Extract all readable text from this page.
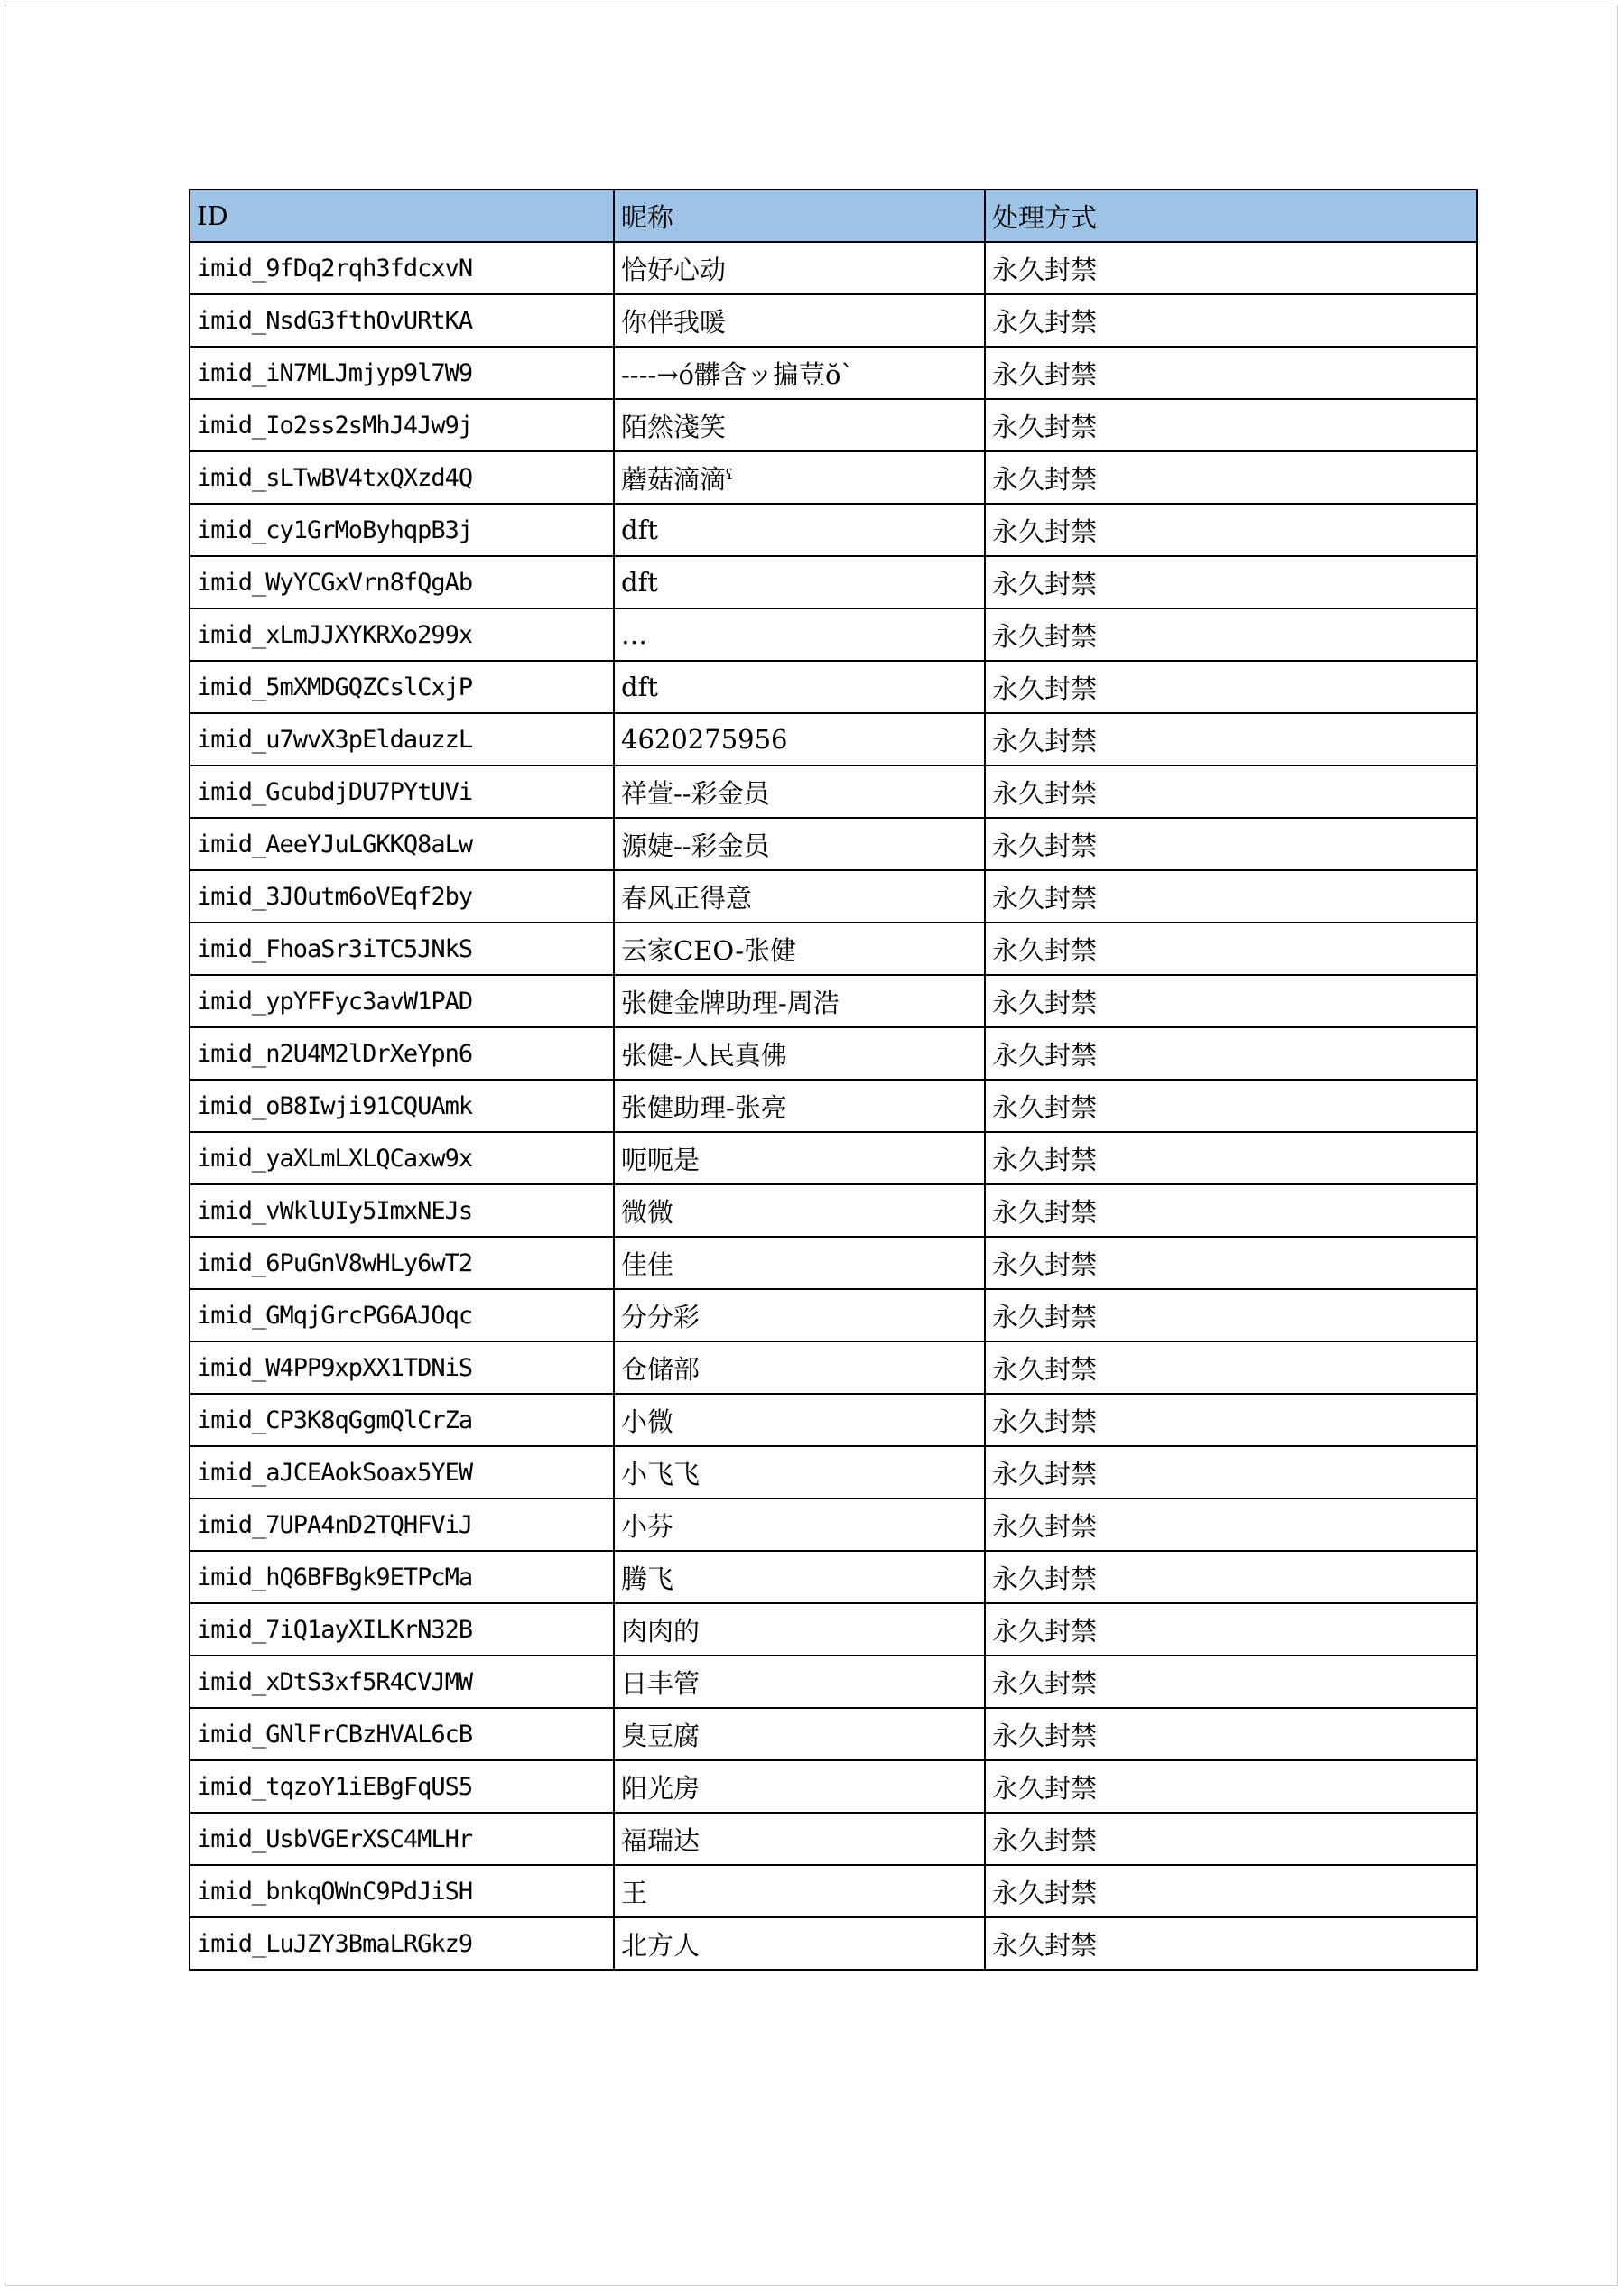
ID	昵称	处理方式
imid_9fDq2rqh3fdcxvN	恰好心动	永久封禁
imid_NsdG3fthOvURtKA	你伴我暖	永久封禁
imid_iN7MLJmjyp9l7W9	----→ό髒含ッ揙荳ŏ`	永久封禁
imid_Io2ss2sMhJ4Jw9j	陌然淺笑	永久封禁
imid_sLTwBV4txQXzd4Q	蘑菇滴滴ˁ	永久封禁
imid_cy1GrMoByhqpB3j	dft	永久封禁
imid_WyYCGxVrn8fQgAb	dft	永久封禁
imid_xLmJJXYKRXo299x	…	永久封禁
imid_5mXMDGQZCslCxjP	dft	永久封禁
imid_u7wvX3pEldauzzL	4620275956	永久封禁
imid_GcubdjDU7PYtUVi	祥萱--彩金员	永久封禁
imid_AeeYJuLGKKQ8aLw	源婕--彩金员	永久封禁
imid_3JOutm6oVEqf2by	春风正得意	永久封禁
imid_FhoaSr3iTC5JNkS	云家CEO-张健	永久封禁
imid_ypYFFyc3avW1PAD	张健金牌助理-周浩	永久封禁
imid_n2U4M2lDrXeYpn6	张健-人民真佛	永久封禁
imid_oB8Iwji91CQUAmk	张健助理-张亮	永久封禁
imid_yaXLmLXLQCaxw9x	呃呃是	永久封禁
imid_vWklUIy5ImxNEJs	微微	永久封禁
imid_6PuGnV8wHLy6wT2	佳佳	永久封禁
imid_GMqjGrcPG6AJOqc	分分彩	永久封禁
imid_W4PP9xpXX1TDNiS	仓储部	永久封禁
imid_CP3K8qGgmQlCrZa	小微	永久封禁
imid_aJCEAokSoax5YEW	小飞飞	永久封禁
imid_7UPA4nD2TQHFViJ	小芬	永久封禁
imid_hQ6BFBgk9ETPcMa	腾飞	永久封禁
imid_7iQ1ayXILKrN32B	肉肉的	永久封禁
imid_xDtS3xf5R4CVJMW	日丰管	永久封禁
imid_GNlFrCBzHVAL6cB	臭豆腐	永久封禁
imid_tqzoY1iEBgFqUS5	阳光房	永久封禁
imid_UsbVGErXSC4MLHr	福瑞达	永久封禁
imid_bnkqOWnC9PdJiSH	王	永久封禁
imid_LuJZY3BmaLRGkz9	北方人	永久封禁
